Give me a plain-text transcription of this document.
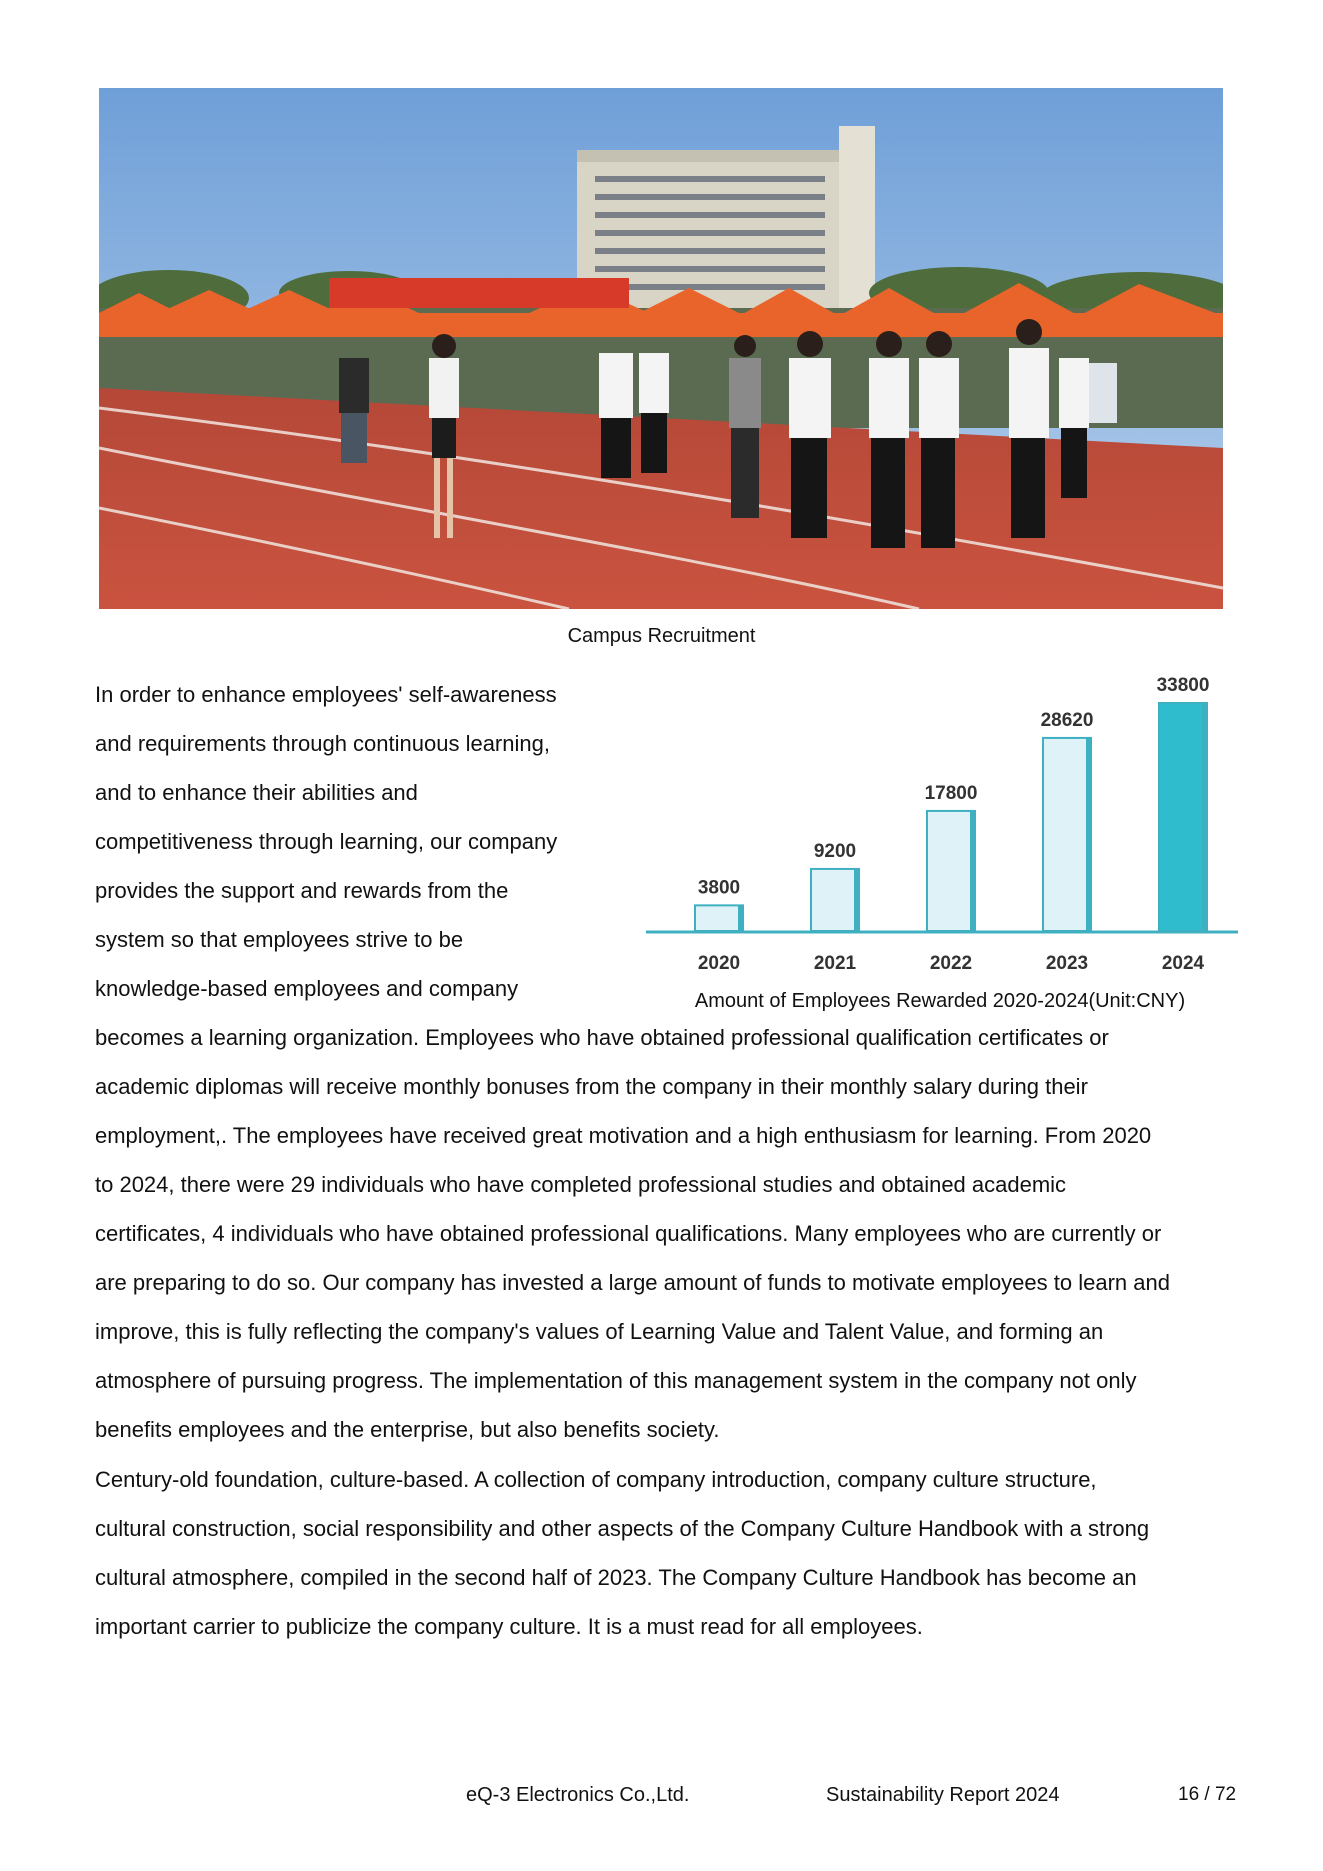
Campus Recruitment
In order to enhance employees' self-awareness
and requirements through continuous learning,
and to enhance their abilities and
competitiveness through learning, our company
provides the support and rewards from the
system so that employees strive to be
knowledge-based employees and company
3800
2020
9200
2021
17800
2022
28620
2023
33800
2024
Amount of Employees Rewarded 2020-2024(Unit:CNY)
becomes a learning organization. Employees who have obtained professional qualification certificates or
academic diplomas will receive monthly bonuses from the company in their monthly salary during their
employment,. The employees have received great motivation and a high enthusiasm for learning. From 2020
to 2024, there were 29 individuals who have completed professional studies and obtained academic
certificates, 4 individuals who have obtained professional qualifications. Many employees who are currently or
are preparing to do so. Our company has invested a large amount of funds to motivate employees to learn and
improve, this is fully reflecting the company's values of Learning Value and Talent Value, and forming an
atmosphere of pursuing progress. The implementation of this management system in the company not only
benefits employees and the enterprise, but also benefits society.
Century-old foundation, culture-based. A collection of company introduction, company culture structure,
cultural construction, social responsibility and other aspects of the Company Culture Handbook with a strong
cultural atmosphere, compiled in the second half of 2023. The Company Culture Handbook has become an
important carrier to publicize the company culture. It is a must read for all employees.
eQ-3 Electronics Co.,Ltd.	Sustainability Report 2024	16 / 72
